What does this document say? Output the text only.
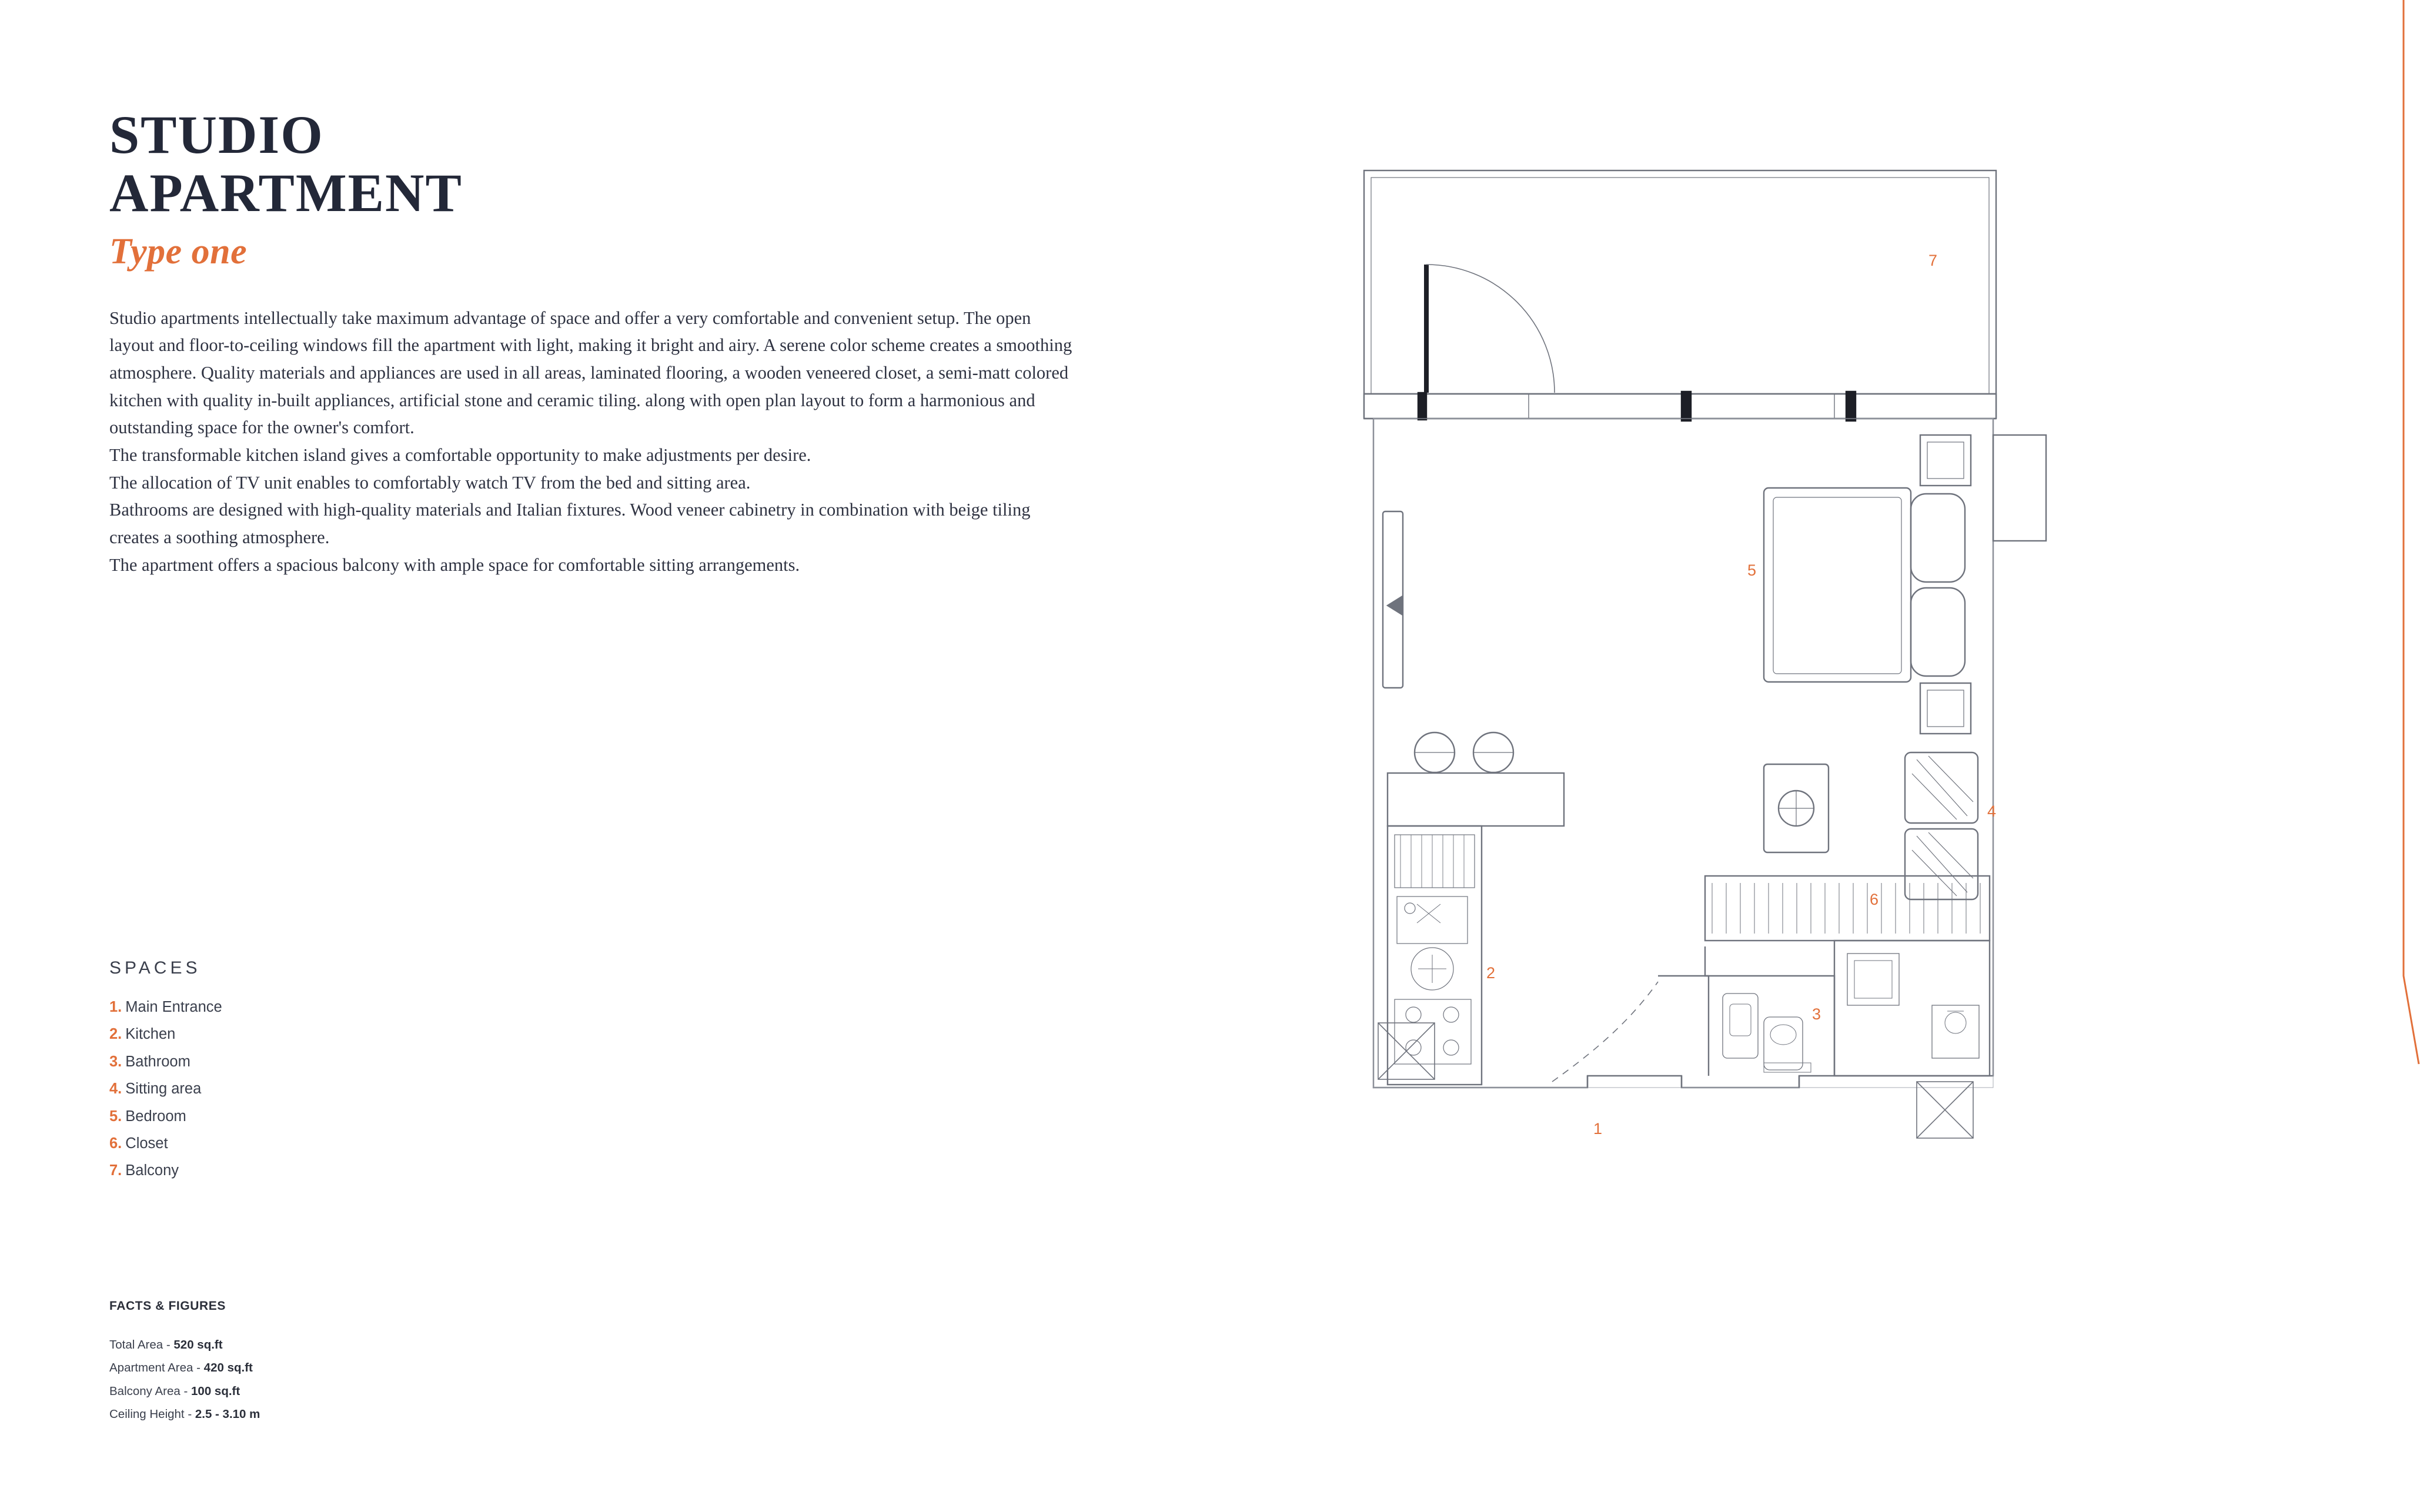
STUDIO
APARTMENT
Type one

Studio apartments intellectually take maximum advantage of space and offer a very comfortable and convenient setup. The open layout and floor-to-ceiling windows fill the apartment with light, making it bright and airy. A serene color scheme creates a smoothing atmosphere. Quality materials and appliances are used in all areas, laminated flooring, a wooden veneered closet, a semi-matt colored kitchen with quality in-built appliances, artificial stone and ceramic tiling. along with open plan layout to form a harmonious and outstanding space for the owner's comfort.

The transformable kitchen island gives a comfortable opportunity to make adjustments per desire.

The allocation of TV unit enables to comfortably watch TV from the bed and sitting area.

Bathrooms are designed with high-quality materials and Italian fixtures. Wood veneer cabinetry in combination with beige tiling creates a soothing atmosphere.

The apartment offers a spacious balcony with ample space for comfortable sitting arrangements.

SPACES
1. Main Entrance
2. Kitchen
3. Bathroom
4. Sitting area
5. Bedroom
6. Closet
7. Balcony
FACTS & FIGURES
Total Area - 520 sq.ft
Apartment Area - 420 sq.ft
Balcony Area - 100 sq.ft
Ceiling Height - 2.5 - 3.10 m
7
5
4
6
2
3
1
